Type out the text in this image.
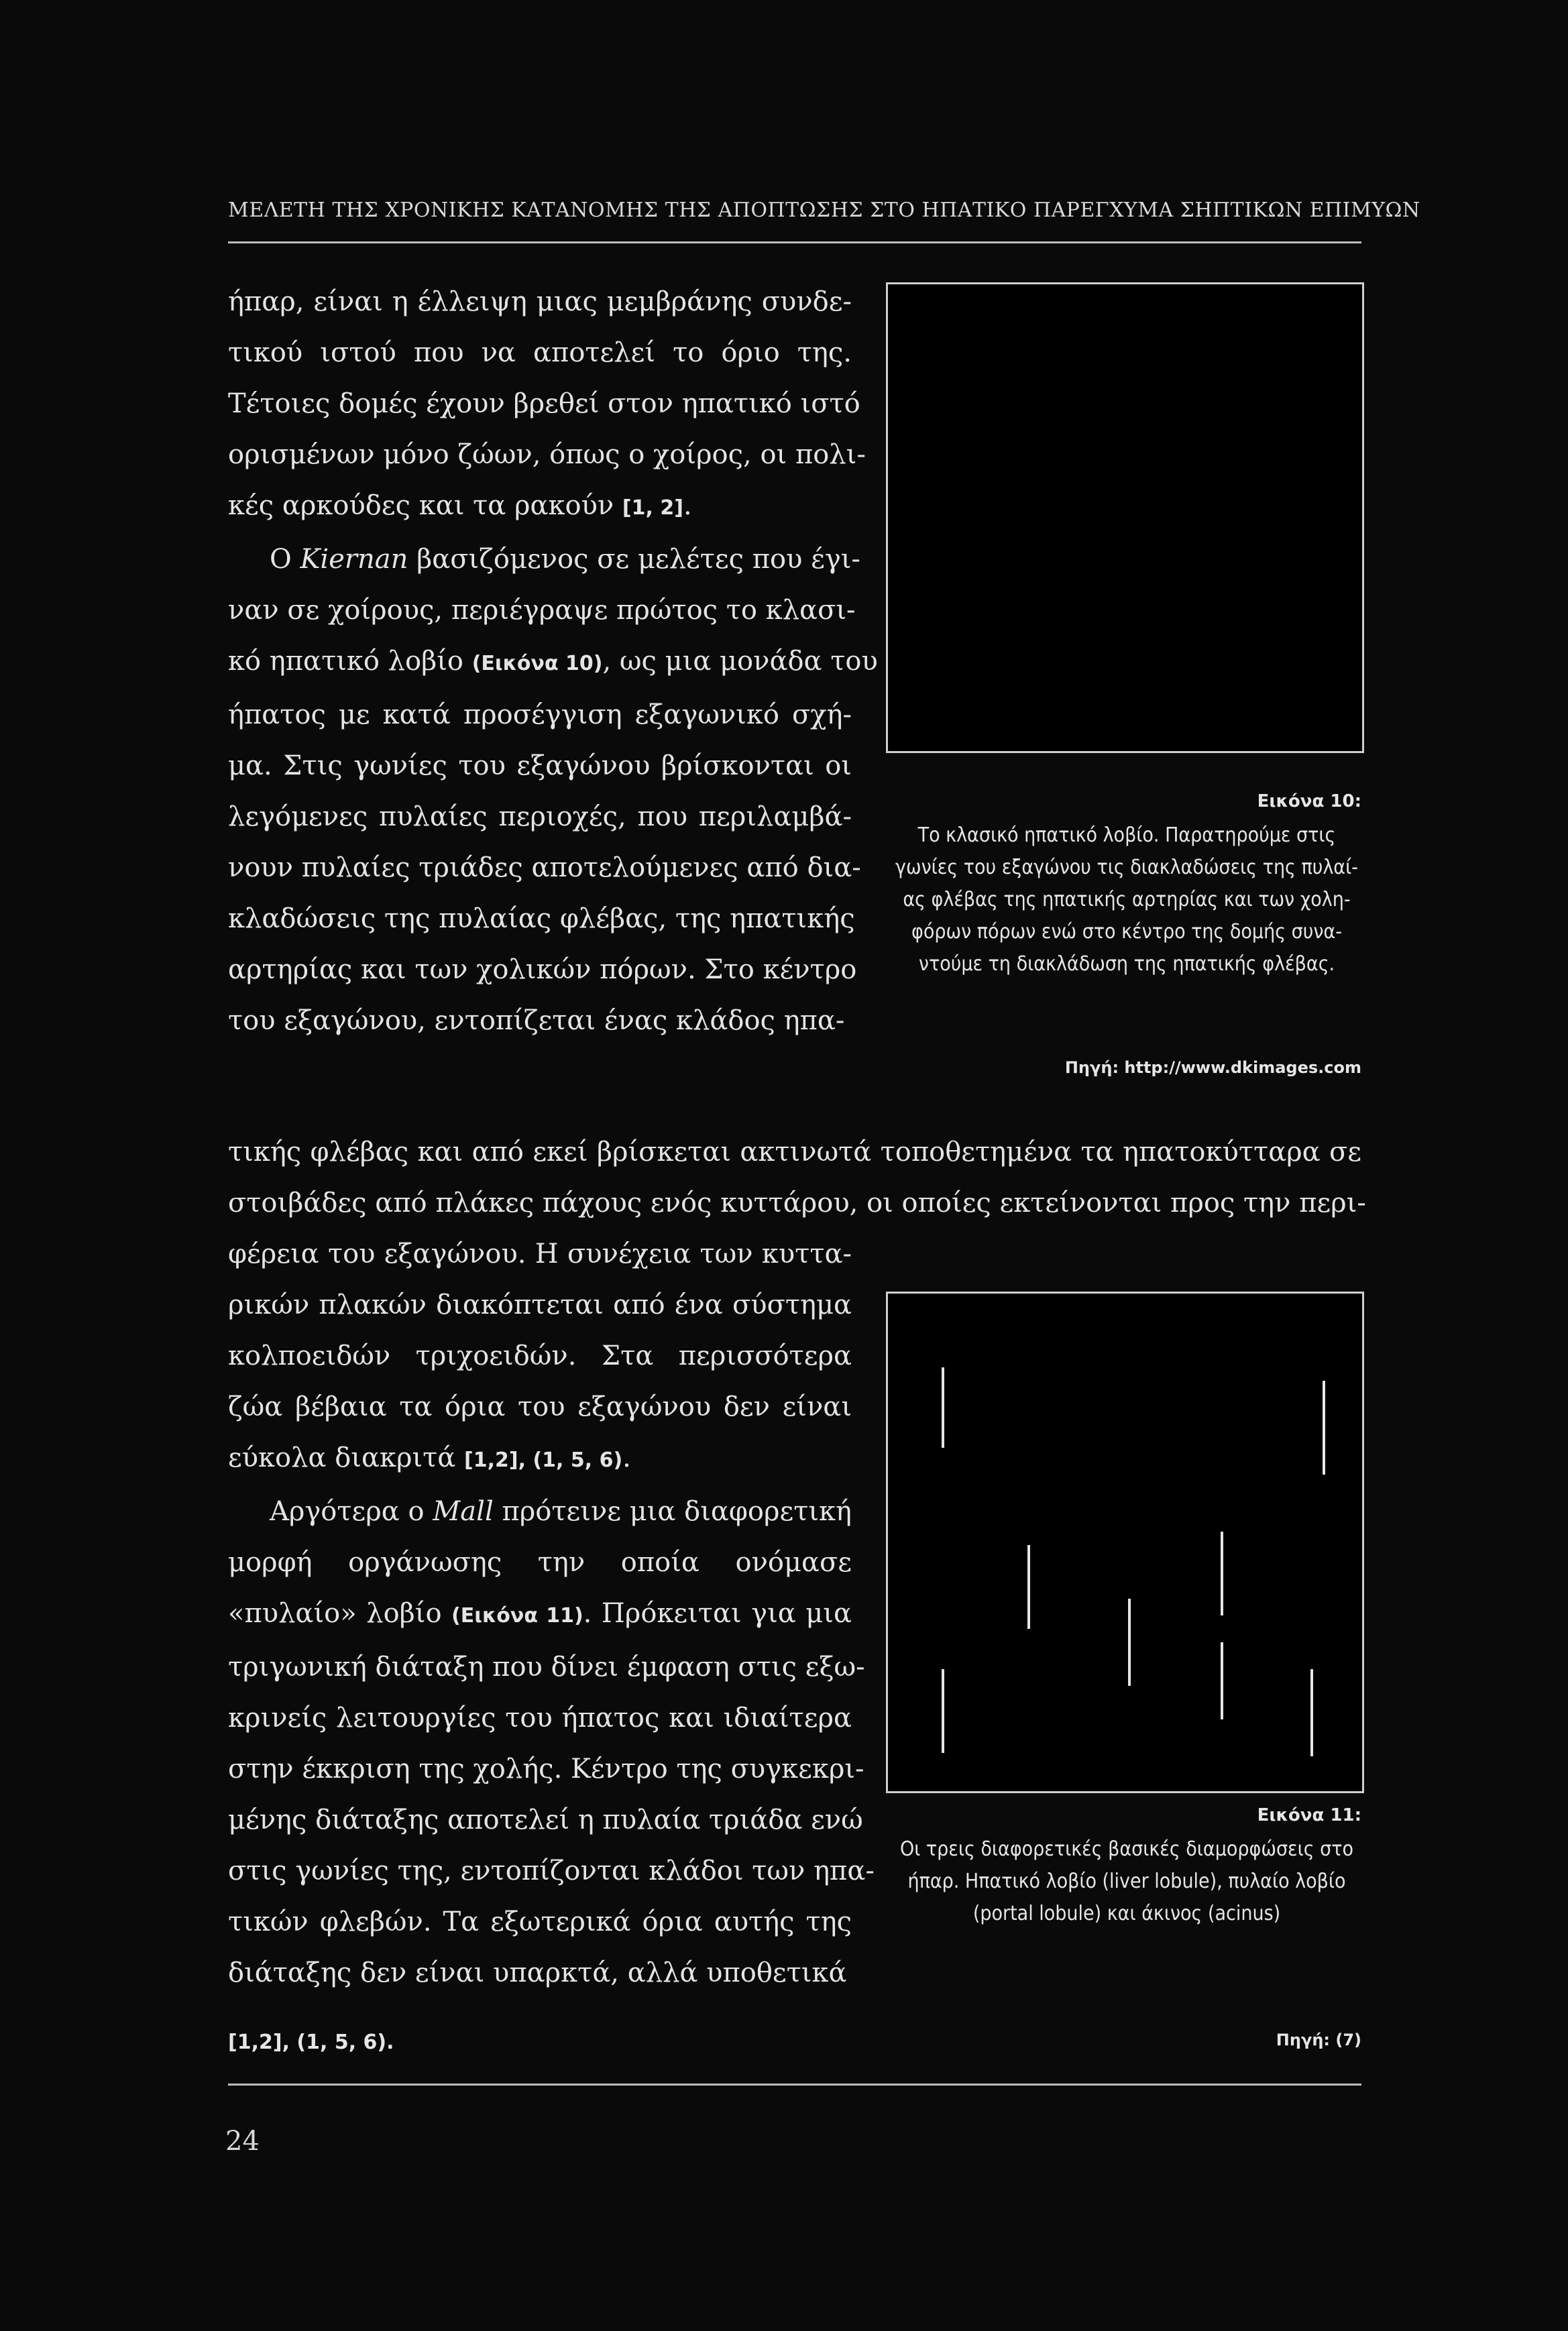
ΜΕΛΕΤΗ ΤΗΣ ΧΡΟΝΙΚΗΣ ΚΑΤΑΝΟΜΗΣ ΤΗΣ ΑΠΟΠΤΩΣΗΣ ΣΤΟ ΗΠΑΤΙΚΟ ΠΑΡΕΓΧΥΜΑ ΣΗΠΤΙΚΩΝ ΕΠΙΜΥΩΝ
ήπαρ, είναι η έλλειψη μιας μεμβράνης συνδε-
τικού ιστού που να αποτελεί το όριο της.
Τέτοιες δομές έχουν βρεθεί στον ηπατικό ιστό
ορισμένων μόνο ζώων, όπως ο χοίρος, οι πολι-
κές αρκούδες και τα ρακούν [1, 2].
Ο Kiernan βασιζόμενος σε μελέτες που έγι-
ναν σε χοίρους, περιέγραψε πρώτος το κλασι-
κό ηπατικό λοβίο (Εικόνα 10), ως μια μονάδα του
ήπατος με κατά προσέγγιση εξαγωνικό σχή-
μα. Στις γωνίες του εξαγώνου βρίσκονται οι
λεγόμενες πυλαίες περιοχές, που περιλαμβά-
νουν πυλαίες τριάδες αποτελούμενες από δια-
κλαδώσεις της πυλαίας φλέβας, της ηπατικής
αρτηρίας και των χολικών πόρων. Στο κέντρο
του εξαγώνου, εντοπίζεται ένας κλάδος ηπα-
Εικόνα 10:
Το κλασικό ηπατικό λοβίο. Παρατηρούμε στις
γωνίες του εξαγώνου τις διακλαδώσεις της πυλαί-
ας φλέβας της ηπατικής αρτηρίας και των χολη-
φόρων πόρων ενώ στο κέντρο της δομής συνα-
ντούμε τη διακλάδωση της ηπατικής φλέβας.
Πηγή: http://www.dkimages.com
τικής φλέβας και από εκεί βρίσκεται ακτινωτά τοποθετημένα τα ηπατοκύτταρα σε
στοιβάδες από πλάκες πάχους ενός κυττάρου, οι οποίες εκτείνονται προς την περι-
φέρεια του εξαγώνου. Η συνέχεια των κυττα-
ρικών πλακών διακόπτεται από ένα σύστημα
κολποειδών τριχοειδών. Στα περισσότερα
ζώα βέβαια τα όρια του εξαγώνου δεν είναι
εύκολα διακριτά [1,2], (1, 5, 6).
Αργότερα ο Mall πρότεινε μια διαφορετική
μορφή οργάνωσης την οποία ονόμασε
«πυλαίο» λοβίο (Εικόνα 11). Πρόκειται για μια
τριγωνική διάταξη που δίνει έμφαση στις εξω-
κρινείς λειτουργίες του ήπατος και ιδιαίτερα
στην έκκριση της χολής. Κέντρο της συγκεκρι-
μένης διάταξης αποτελεί η πυλαία τριάδα ενώ
στις γωνίες της, εντοπίζονται κλάδοι των ηπα-
τικών φλεβών. Τα εξωτερικά όρια αυτής της
διάταξης δεν είναι υπαρκτά, αλλά υποθετικά
[1,2], (1, 5, 6).
Εικόνα 11:
Οι τρεις διαφορετικές βασικές διαμορφώσεις στο
ήπαρ. Ηπατικό λοβίο (liver lobule), πυλαίο λοβίο
(portal lobule) και άκινος (acinus)
Πηγή: (7)
24
